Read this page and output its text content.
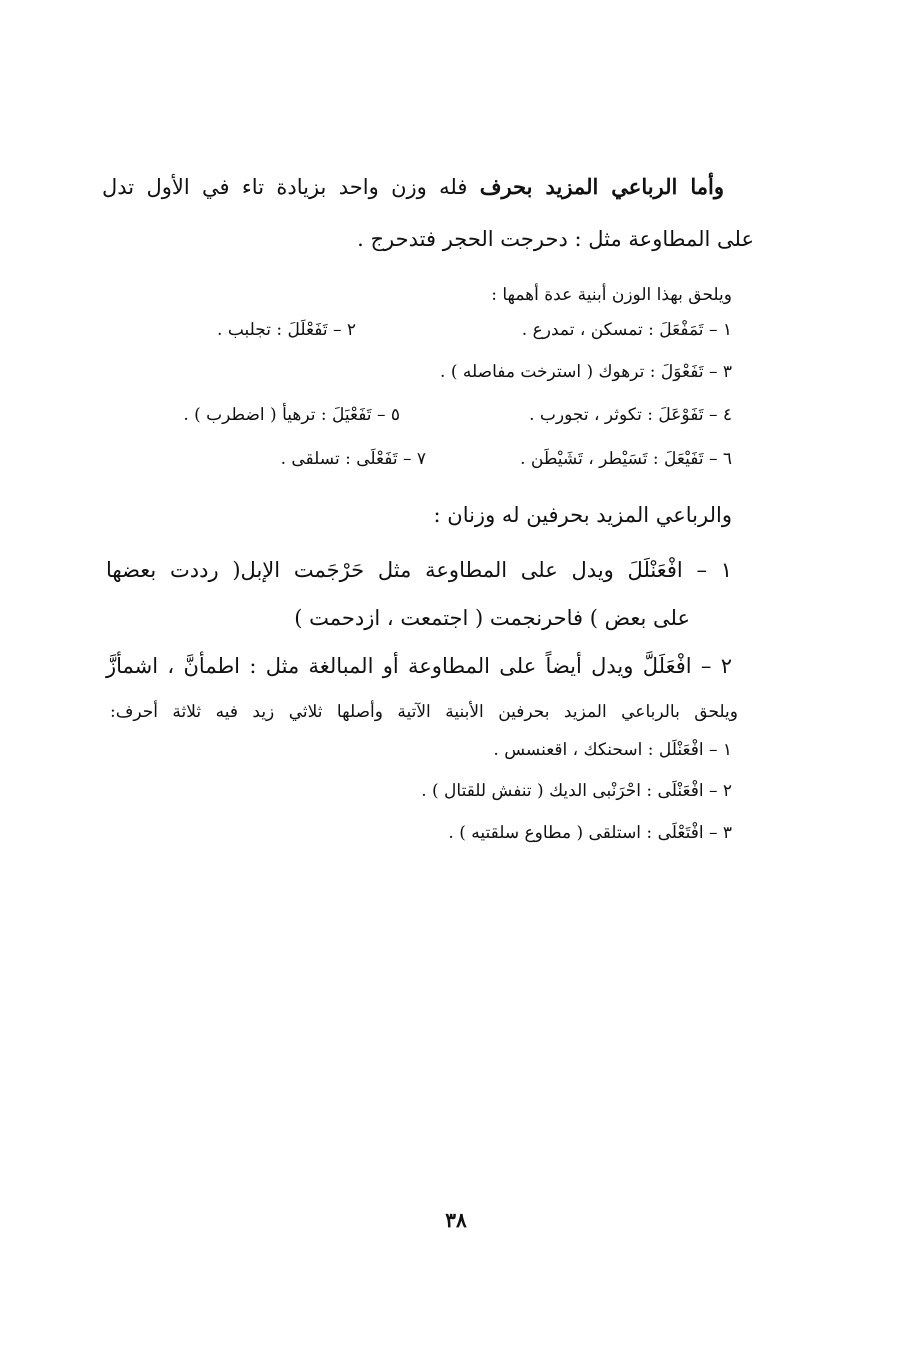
وأما الرباعي المزيد بحرف فله وزن واحد بزيادة تاء في الأول تدل
على المطاوعة مثل : دحرجت الحجر فتدحرج .
ويلحق بهذا الوزن أبنية عدة أهمها :
١ – تَمَفْعَلَ : تمسكن ، تمدرع .
٢ – تَفَعْلَلَ : تجلبب .
٣ – تَفَعْوَلَ : ترهوك ( استرخت مفاصله ) .
٤ – تَفَوْعَلَ : تكوثر ، تجورب .
٥ – تَفَعْيَلَ : ترهيأ ( اضطرب ) .
٦ – تَفَيْعَلَ : تَسَيْطر ، تَشَيْطَن .
٧ – تَفَعْلَى : تسلقى .
والرباعي المزيد بحرفين له وزنان :
١ – افْعَنْلَلَ ويدل على المطاوعة مثل حَرْجَمت الإبل( رددت بعضها
على بعض ) فاحرنجمت ( اجتمعت ، ازدحمت )
٢ – افْعَلَلَّ ويدل أيضاً على المطاوعة أو المبالغة مثل : اطمأنَّ ، اشمأزَّ
ويلحق بالرباعي المزيد بحرفين الأبنية الآتية وأصلها ثلاثي زيد فيه ثلاثة أحرف:
١ – افْعَنْلَل : اسحنكك ، اقعنسس .
٢ – افْعَنْلَى : احْرَنْبى الديك ( تنفش للقتال ) .
٣ – افْتَعْلَى : استلقى ( مطاوع سلقتيه ) .
٣٨
